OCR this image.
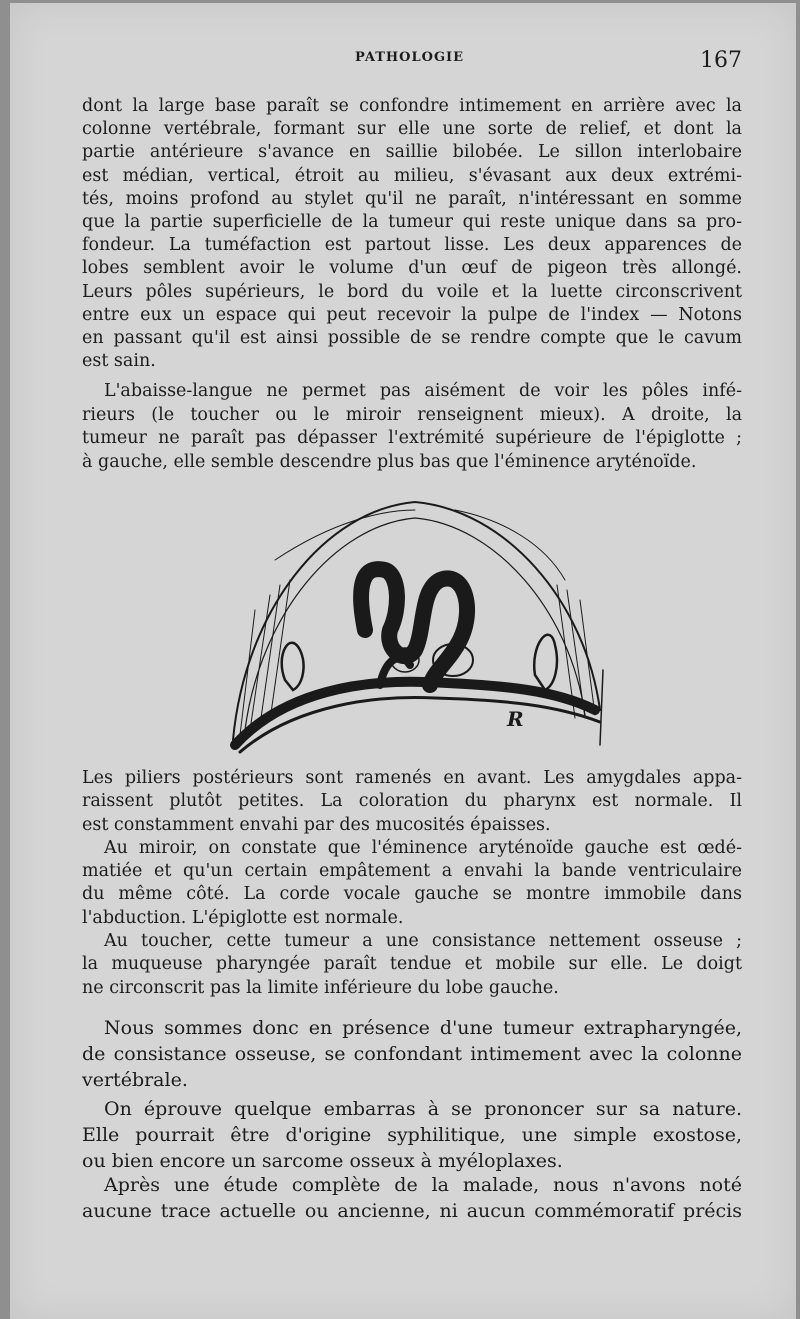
PATHOLOGIE	167
dont la large base paraît se confondre intimement en arrière avec la
colonne vertébrale, formant sur elle une sorte de relief, et dont la
partie antérieure s'avance en saillie bilobée. Le sillon interlobaire
est médian, vertical, étroit au milieu, s'évasant aux deux extrémi-
tés, moins profond au stylet qu'il ne paraît, n'intéressant en somme
que la partie superficielle de la tumeur qui reste unique dans sa pro-
fondeur. La tuméfaction est partout lisse. Les deux apparences de
lobes semblent avoir le volume d'un œuf de pigeon très allongé.
Leurs pôles supérieurs, le bord du voile et la luette circonscrivent
entre eux un espace qui peut recevoir la pulpe de l'index — Notons
en passant qu'il est ainsi possible de se rendre compte que le cavum
est sain.
L'abaisse-langue ne permet pas aisément de voir les pôles infé-
rieurs (le toucher ou le miroir renseignent mieux). A droite, la
tumeur ne paraît pas dépasser l'extrémité supérieure de l'épiglotte ;
à gauche, elle semble descendre plus bas que l'éminence aryténoïde.
R
Les piliers postérieurs sont ramenés en avant. Les amygdales appa-
raissent plutôt petites. La coloration du pharynx est normale. Il
est constamment envahi par des mucosités épaisses.
Au miroir, on constate que l'éminence aryténoïde gauche est œdé-
matiée et qu'un certain empâtement a envahi la bande ventriculaire
du même côté. La corde vocale gauche se montre immobile dans
l'abduction. L'épiglotte est normale.
Au toucher, cette tumeur a une consistance nettement osseuse ;
la muqueuse pharyngée paraît tendue et mobile sur elle. Le doigt
ne circonscrit pas la limite inférieure du lobe gauche.
Nous sommes donc en présence d'une tumeur extrapharyngée,
de consistance osseuse, se confondant intimement avec la colonne
vertébrale.
On éprouve quelque embarras à se prononcer sur sa nature.
Elle pourrait être d'origine syphilitique, une simple exostose,
ou bien encore un sarcome osseux à myéloplaxes.
Après une étude complète de la malade, nous n'avons noté
aucune trace actuelle ou ancienne, ni aucun commémoratif précis
